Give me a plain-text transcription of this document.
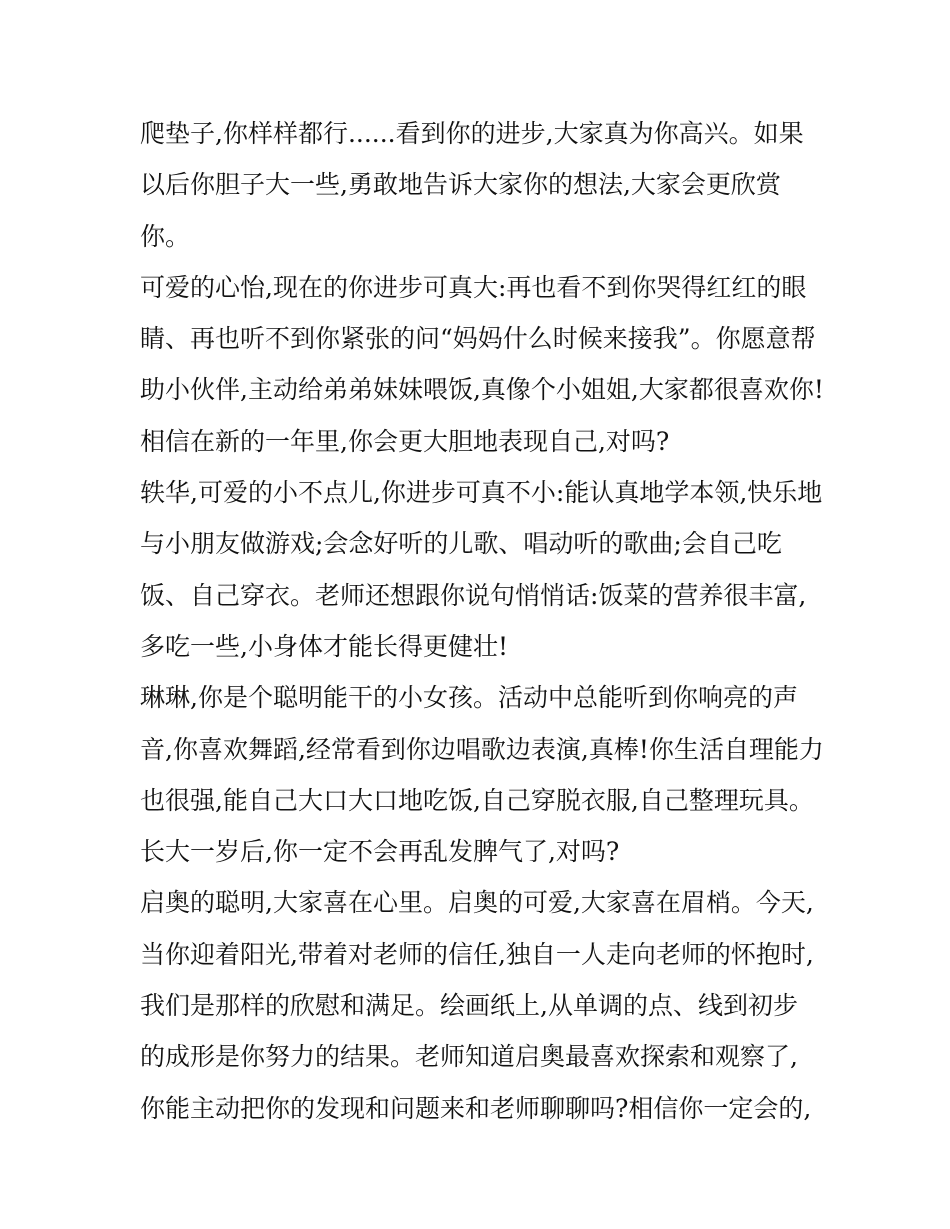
爬垫子,你样样都行......看到你的进步,大家真为你高兴。如果
以后你胆子大一些,勇敢地告诉大家你的想法,大家会更欣赏
你。
可爱的心怡,现在的你进步可真大:再也看不到你哭得红红的眼
睛、再也听不到你紧张的问“妈妈什么时候来接我”。你愿意帮
助小伙伴,主动给弟弟妹妹喂饭,真像个小姐姐,大家都很喜欢你!
相信在新的一年里,你会更大胆地表现自己,对吗?
轶华,可爱的小不点儿,你进步可真不小:能认真地学本领,快乐地
与小朋友做游戏;会念好听的儿歌、唱动听的歌曲;会自己吃
饭、自己穿衣。老师还想跟你说句悄悄话:饭菜的营养很丰富,
多吃一些,小身体才能长得更健壮!
琳琳,你是个聪明能干的小女孩。活动中总能听到你响亮的声
音,你喜欢舞蹈,经常看到你边唱歌边表演,真棒!你生活自理能力
也很强,能自己大口大口地吃饭,自己穿脱衣服,自己整理玩具。
长大一岁后,你一定不会再乱发脾气了,对吗?
启奥的聪明,大家喜在心里。启奥的可爱,大家喜在眉梢。今天,
当你迎着阳光,带着对老师的信任,独自一人走向老师的怀抱时,
我们是那样的欣慰和满足。绘画纸上,从单调的点、线到初步
的成形是你努力的结果。老师知道启奥最喜欢探索和观察了,
你能主动把你的发现和问题来和老师聊聊吗?相信你一定会的,
